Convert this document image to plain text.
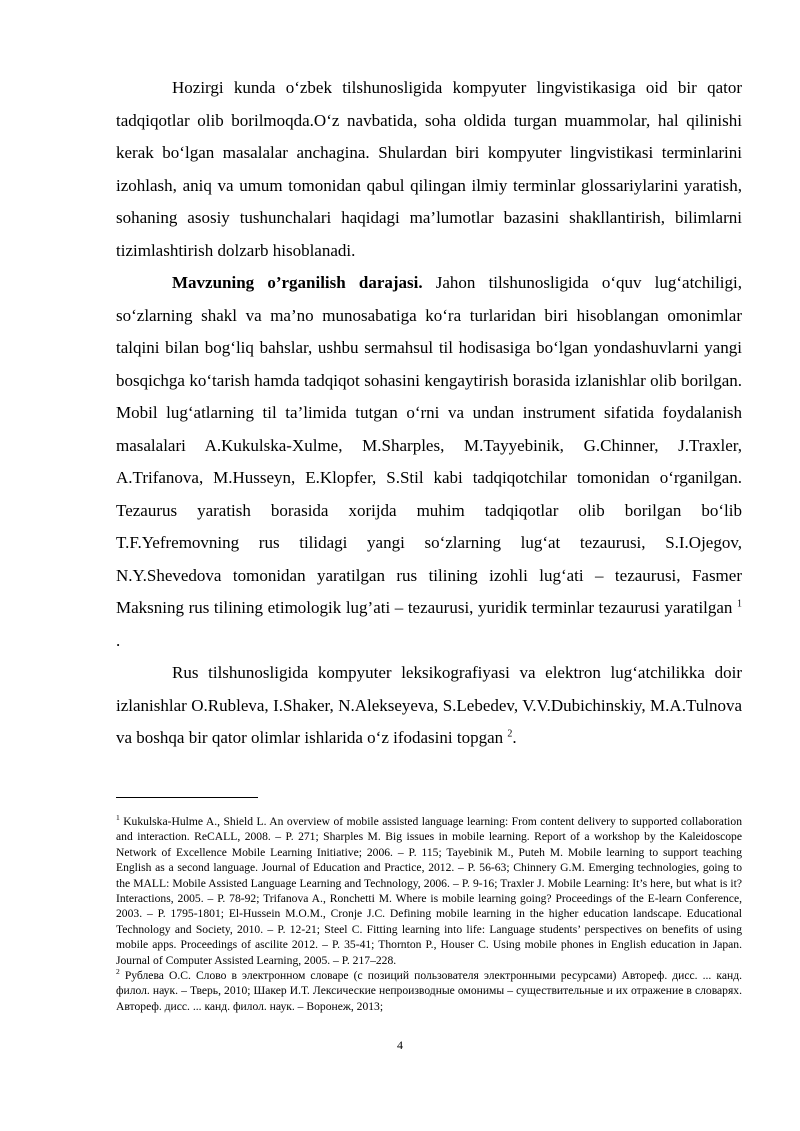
Hozirgi kunda o‘zbek tilshunosligida kompyuter lingvistikasiga oid bir qator tadqiqotlar olib borilmoqda.O‘z navbatida, soha oldida turgan muammolar, hal qilinishi kerak bo‘lgan masalalar anchagina. Shulardan biri kompyuter lingvistikasi terminlarini izohlash, aniq va umum tomonidan qabul qilingan ilmiy terminlar glossariylarini yaratish, sohaning asosiy tushunchalari haqidagi ma’lumotlar bazasini shakllantirish, bilimlarni tizimlashtirish dolzarb hisoblanadi.

Mavzuning o’rganilish darajasi. Jahon tilshunosligida o‘quv lug‘atchiligi, so‘zlarning shakl va ma’no munosabatiga ko‘ra turlaridan biri hisoblangan omonimlar talqini bilan bog‘liq bahslar, ushbu sermahsul til hodisasiga bo‘lgan yondashuvlarni yangi bosqichga ko‘tarish hamda tadqiqot sohasini kengaytirish borasida izlanishlar olib borilgan. Mobil lug‘atlarning til ta’limida tutgan o‘rni va undan instrument sifatida foydalanish masalalari A.Kukulska-Xulme, M.Sharples, M.Tayyebinik, G.Chinner, J.Traxler, A.Trifanova, M.Husseyn, E.Klopfer, S.Stil kabi tadqiqotchilar tomonidan o‘rganilgan. Tezaurus yaratish borasida xorijda muhim tadqiqotlar olib borilgan bo‘lib T.F.Yefremovning rus tilidagi yangi so‘zlarning lug‘at tezaurusi, S.I.Ojegov, N.Y.Shevedova tomonidan yaratilgan rus tilining izohli lug‘ati – tezaurusi, Fasmer Maksning rus tilining etimologik lug’ati – tezaurusi, yuridik terminlar tezaurusi yaratilgan $^1$ .

Rus tilshunosligida kompyuter leksikografiyasi va elektron lug‘atchilikka doir izlanishlar O.Rubleva, I.Shaker, N.Alekseyeva, S.Lebedev, V.V.Dubichinskiy, M.A.Tulnova va boshqa bir qator olimlar ishlarida o‘z ifodasini topgan $^2$.

$^1$ Kukulska-Hulme A., Shield L. An overview of mobile assisted language learning: From content delivery to supported collaboration and interaction. ReCALL, 2008. – P. 271; Sharples M. Big issues in mobile learning. Report of a workshop by the Kaleidoscope Network of Excellence Mobile Learning Initiative; 2006. – P. 115; Tayebinik M., Puteh M. Mobile learning to support teaching English as a second language. Journal of Education and Practice, 2012. – P. 56-63; Chinnery G.M. Emerging technologies, going to the MALL: Mobile Assisted Language Learning and Technology, 2006. – P. 9-16; Traxler J. Mobile Learning: It’s here, but what is it? Interactions, 2005. – P. 78-92; Trifanova A., Ronchetti M. Where is mobile learning going? Proceedings of the E-learn Conference, 2003. – P. 1795-1801; El-Hussein M.O.M., Cronje J.C. Defining mobile learning in the higher education landscape. Educational Technology and Society, 2010. – P. 12-21; Steel C. Fitting learning into life: Language students’ perspectives on benefits of using mobile apps. Proceedings of ascilite 2012. – P. 35-41; Thornton P., Houser C. Using mobile phones in English education in Japan. Journal of Computer Assisted Learning, 2005. – P. 217–228.

$^2$ Рублева О.С. Слово в электронном словаре (с позиций пользователя электронными ресурсами) Автореф. дисс. ... канд. филол. наук. – Тверь, 2010; Шакер И.Т. Лексические непроизводные омонимы – существительные и их отражение в словарях. Автореф. дисс. ... канд. филол. наук. – Воронеж, 2013;

4
